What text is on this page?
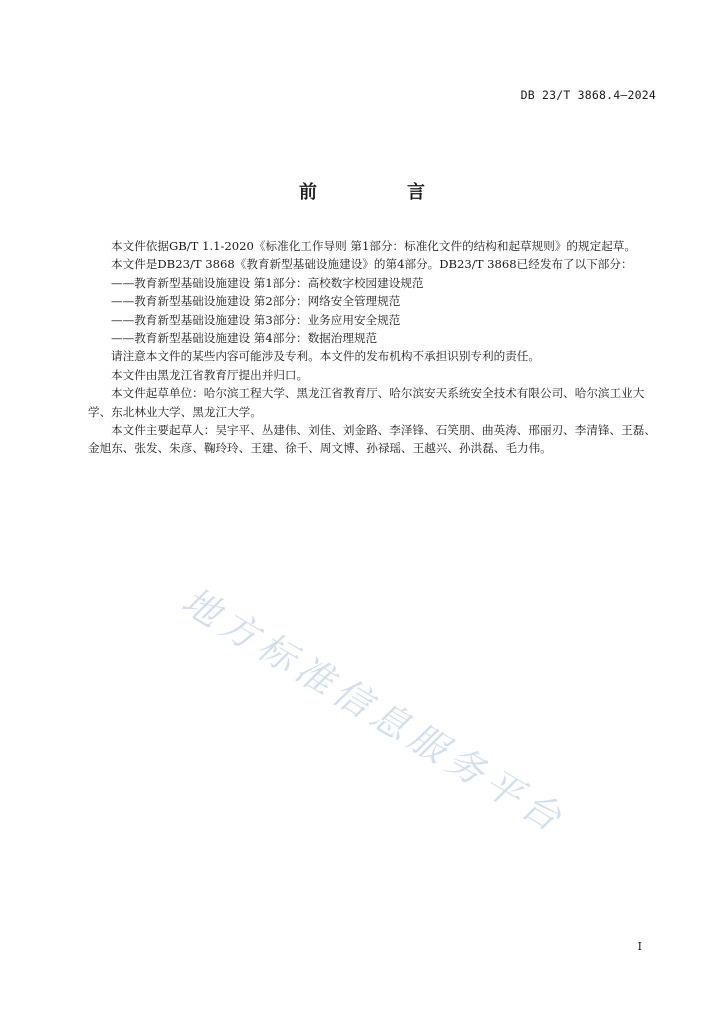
DB 23/T 3868.4—2024
前　言

本文件依据GB/T 1.1-2020《标准化工作导则 第1部分：标准化文件的结构和起草规则》的规定起草。

本文件是DB23/T 3868《教育新型基础设施建设》的第4部分。DB23/T 3868已经发布了以下部分：

——教育新型基础设施建设 第1部分：高校数字校园建设规范

——教育新型基础设施建设 第2部分：网络安全管理规范

——教育新型基础设施建设 第3部分：业务应用安全规范

——教育新型基础设施建设 第4部分：数据治理规范

请注意本文件的某些内容可能涉及专利。本文件的发布机构不承担识别专利的责任。

本文件由黑龙江省教育厅提出并归口。

本文件起草单位：哈尔滨工程大学、黑龙江省教育厅、哈尔滨安天系统安全技术有限公司、哈尔滨工业大学、东北林业大学、黑龙江大学。

本文件主要起草人：吴宇平、丛建伟、刘佳、刘金路、李泽锋、石笑朋、曲英涛、邢丽刃、李清锋、王磊、金旭东、张发、朱彦、鞠玲玲、王建、徐千、周文博、孙禄瑶、王越兴、孙洪磊、毛力伟。

地方标准信息服务平台
I
